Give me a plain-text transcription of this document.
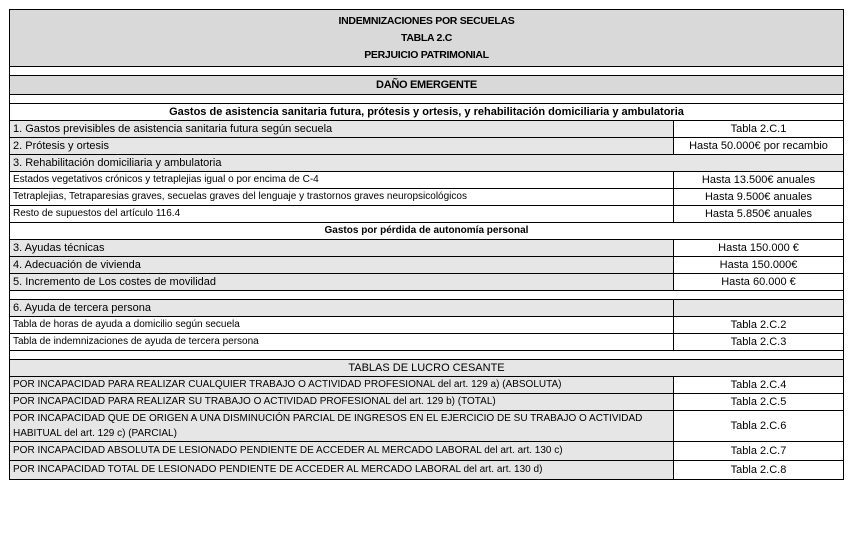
INDEMNIZACIONES POR SECUELAS
TABLA 2.C
PERJUICIO PATRIMONIAL	

DAÑO EMERGENTE	

Gastos de asistencia sanitaria futura, prótesis y ortesis, y rehabilitación domiciliaria y ambulatoria	
1. Gastos previsibles de asistencia sanitaria futura según secuela	Tabla 2.C.1
2. Prótesis y ortesis	Hasta 50.000€ por recambio
3. Rehabilitación domiciliaria y ambulatoria	
Estados vegetativos crónicos y tetraplejias igual o por encima de C-4	Hasta 13.500€ anuales
Tetraplejias, Tetraparesias graves, secuelas graves del lenguaje y trastornos graves neuropsicológicos	Hasta 9.500€ anuales
Resto de supuestos del artículo 116.4	Hasta 5.850€ anuales
Gastos por pérdida de autonomía personal	
3. Ayudas técnicas	Hasta 150.000 €
4. Adecuación de vivienda	Hasta 150.000€
5. Incremento de Los costes de movilidad	Hasta 60.000 €

6. Ayuda de tercera persona	
Tabla de horas de ayuda a domicilio según secuela	Tabla 2.C.2
Tabla de indemnizaciones de ayuda de tercera persona	Tabla 2.C.3

TABLAS DE LUCRO CESANTE	
POR INCAPACIDAD PARA REALIZAR CUALQUIER TRABAJO O ACTIVIDAD PROFESIONAL del art. 129 a) (ABSOLUTA)	Tabla 2.C.4
POR INCAPACIDAD PARA REALIZAR SU TRABAJO O ACTIVIDAD PROFESIONAL del art. 129 b) (TOTAL)	Tabla 2.C.5
POR INCAPACIDAD QUE DE ORIGEN A UNA DISMINUCIÓN PARCIAL DE INGRESOS EN EL EJERCICIO DE SU TRABAJO O ACTIVIDAD HABITUAL del art. 129 c) (PARCIAL)	Tabla 2.C.6
POR INCAPACIDAD ABSOLUTA DE LESIONADO PENDIENTE DE ACCEDER AL MERCADO LABORAL del art. art. 130 c)	Tabla 2.C.7
POR INCAPACIDAD TOTAL DE LESIONADO PENDIENTE DE ACCEDER AL MERCADO LABORAL del art. art. 130 d)	Tabla 2.C.8
